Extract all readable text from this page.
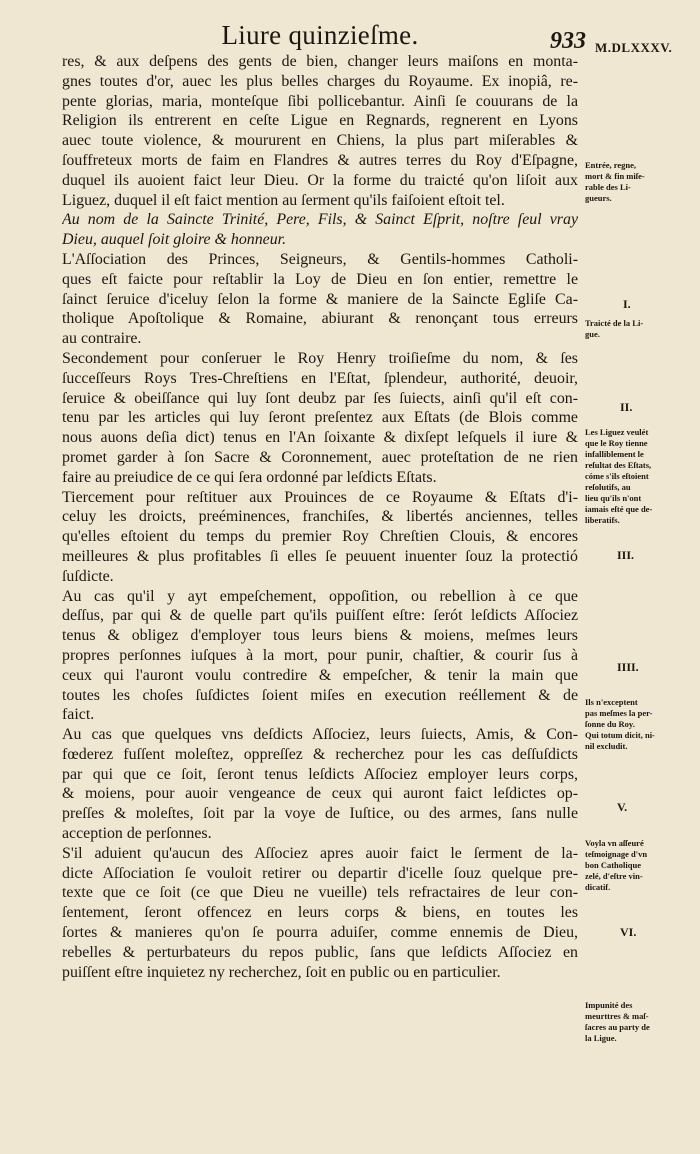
Liure quinzieſme.	933 M.DLXXXV.
res, & aux deſpens des gents de bien, changer leurs maiſons en monta-
gnes toutes d'or, auec les plus belles charges du Royaume. Ex inopiâ, re-
pente glorias, maria, monteſque ſibi pollicebantur. Ainſi ſe couurans de la
Religion ils entrerent en ceſte Ligue en Regnards, regnerent en Lyons
auec toute violence, & moururent en Chiens, la plus part miſerables &
ſouffreteux morts de faim en Flandres & autres terres du Roy d'Eſpagne,
duquel ils auoient faict leur Dieu. Or la forme du traicté qu'on liſoit aux
Liguez, duquel il eſt faict mention au ſerment qu'ils faiſoient eſtoit tel.
Au nom de la Saincte Trinité, Pere, Fils, & Sainct Eſprit, noſtre ſeul vray
Dieu, auquel ſoit gloire & honneur.
L'Aſſociation des Princes, Seigneurs, & Gentils-hommes Catholi-
ques eſt faicte pour reſtablir la Loy de Dieu en ſon entier, remettre le
ſainct ſeruice d'iceluy ſelon la forme & maniere de la Saincte Egliſe Ca-
tholique Apoſtolique & Romaine, abiurant & renonçant tous erreurs
au contraire.
Secondement pour conſeruer le Roy Henry troiſieſme du nom, & ſes
ſucceſſeurs Roys Tres-Chreſtiens en l'Eſtat, ſplendeur, authorité, deuoir,
ſeruice & obeiſſance qui luy ſont deubz par ſes ſuiects, ainſi qu'il eſt con-
tenu par les articles qui luy ſeront preſentez aux Eſtats (de Blois comme
nous auons deſia dict) tenus en l'An ſoixante & dixſept leſquels il iure &
promet garder à ſon Sacre & Coronnement, auec proteſtation de ne rien
faire au preiudice de ce qui ſera ordonné par leſdicts Eſtats.
Tiercement pour reſtituer aux Prouinces de ce Royaume & Eſtats d'i-
celuy les droicts, preéminences, franchiſes, & libertés anciennes, telles
qu'elles eſtoient du temps du premier Roy Chreſtien Clouis, & encores
meilleures & plus profitables ſi elles ſe peuuent inuenter ſouz la protectió
ſuſdicte.
Au cas qu'il y ayt empeſchement, oppoſition, ou rebellion à ce que
deſſus, par qui & de quelle part qu'ils puiſſent eſtre: ſerót leſdicts Aſſociez
tenus & obligez d'employer tous leurs biens & moiens, meſmes leurs
propres perſonnes iuſques à la mort, pour punir, chaſtier, & courir ſus à
ceux qui l'auront voulu contredire & empeſcher, & tenir la main que
toutes les choſes ſuſdictes ſoient miſes en execution reéllement & de
faict.
Au cas que quelques vns deſdicts Aſſociez, leurs ſuiects, Amis, & Con-
fœderez fuſſent moleſtez, oppreſſez & recherchez pour les cas deſſuſdicts
par qui que ce ſoit, ſeront tenus leſdicts Aſſociez employer leurs corps,
& moiens, pour auoir vengeance de ceux qui auront faict leſdictes op-
preſſes & moleſtes, ſoit par la voye de Iuſtice, ou des armes, ſans nulle
acception de perſonnes.
S'il aduient qu'aucun des Aſſociez apres auoir faict le ſerment de la-
dicte Aſſociation ſe vouloit retirer ou departir d'icelle ſouz quelque pre-
texte que ce ſoit (ce que Dieu ne vueille) tels refractaires de leur con-
ſentement, ſeront offencez en leurs corps & biens, en toutes les
ſortes & manieres qu'on ſe pourra aduiſer, comme ennemis de Dieu,
rebelles & perturbateurs du repos public, ſans que leſdicts Aſſociez en
puiſſent eſtre inquietez ny recherchez, ſoit en public ou en particulier.
I.
II.
III.
IIII.
V.
VI.
Entrée, regne,
mort & fin miſe-
rable des Li-
gueurs.
Traicté de la Li-
gue.
Les Liguez veulét
que le Roy tienne
infalliblement le
reſultat des Eſtats,
cóme s'ils eſtoient
reſolutifs, au
lieu qu'ils n'ont
iamais eſté que de-
liberatifs.
Ils n'exceptent
pas meſmes la per-
ſonne du Roy.
Qui totum dicit, ni-
nil excludit.
Voyla vn aſſeuré
teſmoignage d'vn
bon Catholique
zelé, d'eſtre vin-
dicatif.
Impunité des
meurttres & maſ-
ſacres au party de
la Ligue.
